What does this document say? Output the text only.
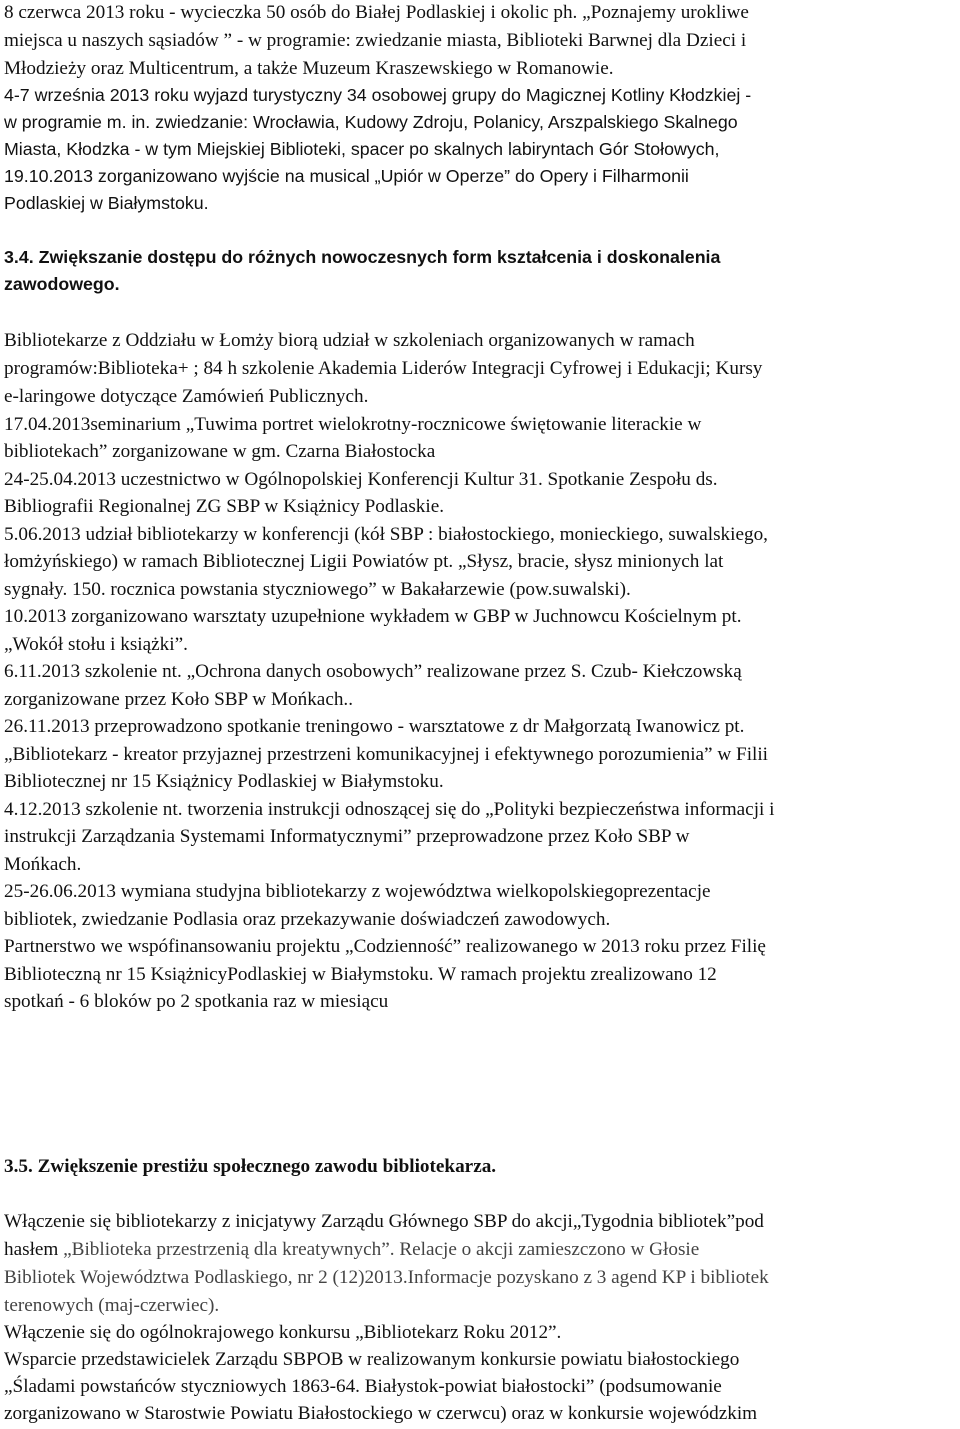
8 czerwca 2013 roku - wycieczka 50 osób do Białej Podlaskiej i okolic ph. „Poznajemy urokliwe
miejsca u naszych sąsiadów ” - w programie: zwiedzanie miasta, Biblioteki Barwnej dla Dzieci i
Młodzieży oraz Multicentrum, a także Muzeum Kraszewskiego w Romanowie.
4-7 września 2013 roku wyjazd turystyczny 34 osobowej grupy do Magicznej Kotliny Kłodzkiej -
w programie m. in. zwiedzanie: Wrocławia, Kudowy Zdroju, Polanicy, Arszpalskiego Skalnego
Miasta, Kłodzka - w tym Miejskiej Biblioteki, spacer po skalnych labiryntach Gór Stołowych,
19.10.2013 zorganizowano wyjście na musical „Upiór w Operze” do Opery i Filharmonii
Podlaskiej w Białymstoku.
3.4. Zwiększanie dostępu do różnych nowoczesnych form kształcenia i doskonalenia
zawodowego.
Bibliotekarze z Oddziału w Łomży biorą udział w szkoleniach organizowanych w ramach
programów:Biblioteka+ ; 84 h szkolenie Akademia Liderów Integracji Cyfrowej i Edukacji; Kursy
e-laringowe dotyczące Zamówień Publicznych.
17.04.2013seminarium „Tuwima portret wielokrotny-rocznicowe świętowanie literackie w
bibliotekach” zorganizowane w gm. Czarna Białostocka
24-25.04.2013 uczestnictwo w Ogólnopolskiej Konferencji Kultur 31. Spotkanie Zespołu ds.
Bibliografii Regionalnej ZG SBP w Książnicy Podlaskie.
5.06.2013 udział bibliotekarzy w konferencji (kół SBP : białostockiego, monieckiego, suwalskiego,
łomżyńskiego) w ramach Bibliotecznej Ligii Powiatów pt. „Słysz, bracie, słysz minionych lat
sygnały. 150. rocznica powstania styczniowego” w Bakałarzewie (pow.suwalski).
10.2013 zorganizowano warsztaty uzupełnione wykładem w GBP w Juchnowcu Kościelnym pt.
„Wokół stołu i książki”.
6.11.2013 szkolenie nt. „Ochrona danych osobowych” realizowane przez S. Czub- Kiełczowską
zorganizowane przez Koło SBP w Mońkach..
26.11.2013 przeprowadzono spotkanie treningowo - warsztatowe z dr Małgorzatą Iwanowicz pt.
„Bibliotekarz - kreator przyjaznej przestrzeni komunikacyjnej i efektywnego porozumienia” w Filii
Bibliotecznej nr 15 Książnicy Podlaskiej w Białymstoku.
4.12.2013 szkolenie nt. tworzenia instrukcji odnoszącej się do „Polityki bezpieczeństwa informacji i
instrukcji Zarządzania Systemami Informatycznymi” przeprowadzone przez Koło SBP w
Mońkach.
25-26.06.2013 wymiana studyjna bibliotekarzy z województwa wielkopolskiegoprezentacje
bibliotek, zwiedzanie Podlasia oraz przekazywanie doświadczeń zawodowych.
Partnerstwo we wspófinansowaniu projektu „Codzienność” realizowanego w 2013 roku przez Filię
Biblioteczną nr 15 KsiążnicyPodlaskiej w Białymstoku. W ramach projektu zrealizowano 12
spotkań - 6 bloków po 2 spotkania raz w miesiącu
3.5. Zwiększenie prestiżu społecznego zawodu bibliotekarza.
Włączenie się bibliotekarzy z inicjatywy Zarządu Głównego SBP do akcji„Tygodnia bibliotek”pod
hasłem „Biblioteka przestrzenią dla kreatywnych”. Relacje o akcji zamieszczono w Głosie
Bibliotek Województwa Podlaskiego, nr 2 (12)2013.Informacje pozyskano z 3 agend KP i bibliotek
terenowych (maj-czerwiec).
Włączenie się do ogólnokrajowego konkursu „Bibliotekarz Roku 2012”.
Wsparcie przedstawicielek Zarządu SBPOB w realizowanym konkursie powiatu białostockiego
„Śladami powstańców styczniowych 1863-64. Białystok-powiat białostocki” (podsumowanie
zorganizowano w Starostwie Powiatu Białostockiego w czerwcu) oraz w konkursie wojewódzkim
